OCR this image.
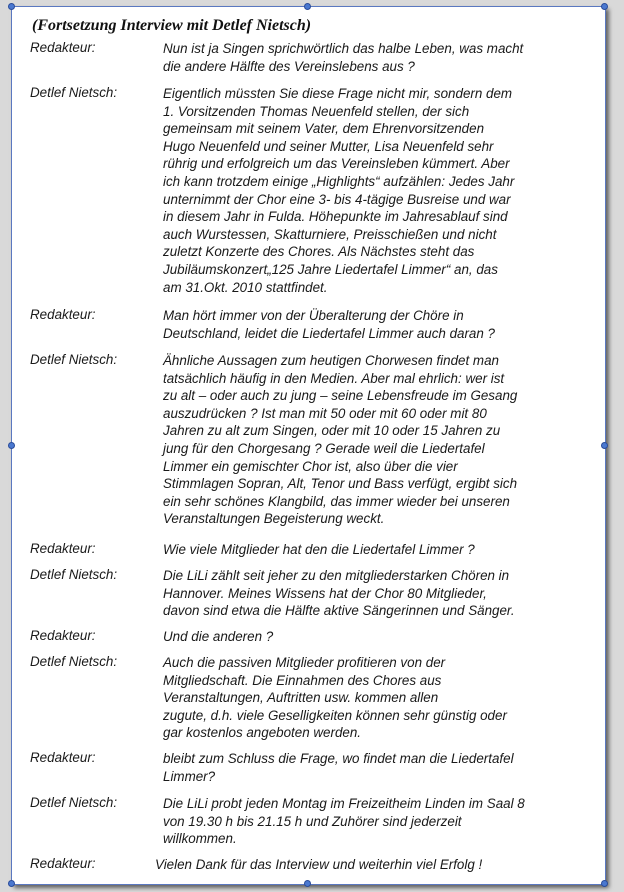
(Fortsetzung Interview mit Detlef Nietsch)
Redakteur:	Nun ist ja Singen sprichwörtlich das halbe Leben, was macht
die andere Hälfte des Vereinslebens aus ?
Detlef Nietsch:	Eigentlich müssten Sie diese Frage nicht mir, sondern dem
1. Vorsitzenden Thomas Neuenfeld stellen, der sich
gemeinsam mit seinem Vater, dem Ehrenvorsitzenden
Hugo Neuenfeld und seiner Mutter, Lisa Neuenfeld sehr
rührig und erfolgreich um das Vereinsleben kümmert. Aber
ich kann trotzdem einige „Highlights“ aufzählen: Jedes Jahr
unternimmt der Chor eine 3- bis 4-tägige Busreise und war
in diesem Jahr in Fulda. Höhepunkte im Jahresablauf sind
auch Wurstessen, Skatturniere, Preisschießen und nicht
zuletzt Konzerte des Chores. Als Nächstes steht das
Jubiläumskonzert„125 Jahre Liedertafel Limmer“ an, das
am 31.Okt. 2010 stattfindet.
Redakteur:	Man hört immer von der Überalterung der Chöre in
Deutschland, leidet die Liedertafel Limmer auch daran ?
Detlef Nietsch:	Ähnliche Aussagen zum heutigen Chorwesen findet man
tatsächlich häufig in den Medien. Aber mal ehrlich: wer ist
zu alt – oder auch zu jung – seine Lebensfreude im Gesang
auszudrücken ? Ist man mit 50 oder mit 60 oder mit 80
Jahren zu alt zum Singen, oder mit 10 oder 15 Jahren zu
jung für den Chorgesang ? Gerade weil die Liedertafel
Limmer ein gemischter Chor ist, also über die vier
Stimmlagen Sopran, Alt, Tenor und Bass verfügt, ergibt sich
ein sehr schönes Klangbild, das immer wieder bei unseren
Veranstaltungen Begeisterung weckt.
Redakteur:	Wie viele Mitglieder hat den die Liedertafel Limmer ?
Detlef Nietsch:	Die LiLi zählt seit jeher zu den mitgliederstarken Chören in
Hannover. Meines Wissens hat der Chor 80 Mitglieder,
davon sind etwa die Hälfte aktive Sängerinnen und Sänger.
Redakteur:	Und die anderen ?
Detlef Nietsch:	Auch die passiven Mitglieder profitieren von der
Mitgliedschaft. Die Einnahmen des Chores aus
Veranstaltungen, Auftritten usw. kommen allen
zugute, d.h. viele Geselligkeiten können sehr günstig oder
gar kostenlos angeboten werden.
Redakteur:	bleibt zum Schluss die Frage, wo findet man die Liedertafel
Limmer?
Detlef Nietsch:	Die LiLi probt jeden Montag im Freizeitheim Linden im Saal 8
von 19.30 h bis 21.15 h und Zuhörer sind jederzeit
willkommen.
Redakteur:	Vielen Dank für das Interview und weiterhin viel Erfolg !
